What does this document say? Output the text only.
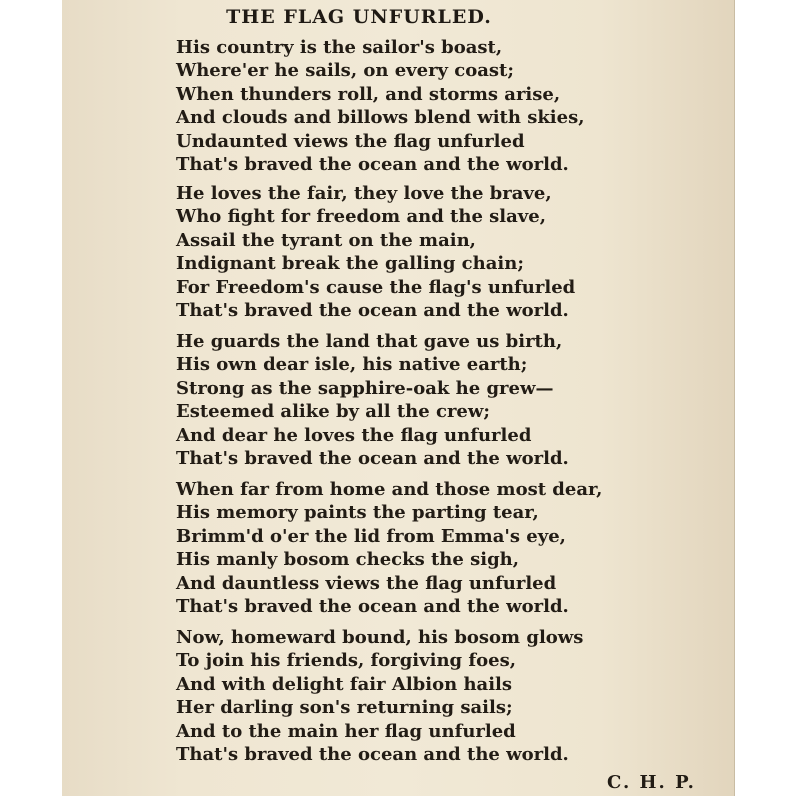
THE FLAG UNFURLED.
His country is the sailor's boast,
Where'er he sails, on every coast;
When thunders roll, and storms arise,
And clouds and billows blend with skies,
Undaunted views the flag unfurled
That's braved the ocean and the world.
He loves the fair, they love the brave,
Who fight for freedom and the slave,
Assail the tyrant on the main,
Indignant break the galling chain;
For Freedom's cause the flag's unfurled
That's braved the ocean and the world.
He guards the land that gave us birth,
His own dear isle, his native earth;
Strong as the sapphire-oak he grew—
Esteemed alike by all the crew;
And dear he loves the flag unfurled
That's braved the ocean and the world.
When far from home and those most dear,
His memory paints the parting tear,
Brimm'd o'er the lid from Emma's eye,
His manly bosom checks the sigh,
And dauntless views the flag unfurled
That's braved the ocean and the world.
Now, homeward bound, his bosom glows
To join his friends, forgiving foes,
And with delight fair Albion hails
Her darling son's returning sails;
And to the main her flag unfurled
That's braved the ocean and the world.
C. H. P.
